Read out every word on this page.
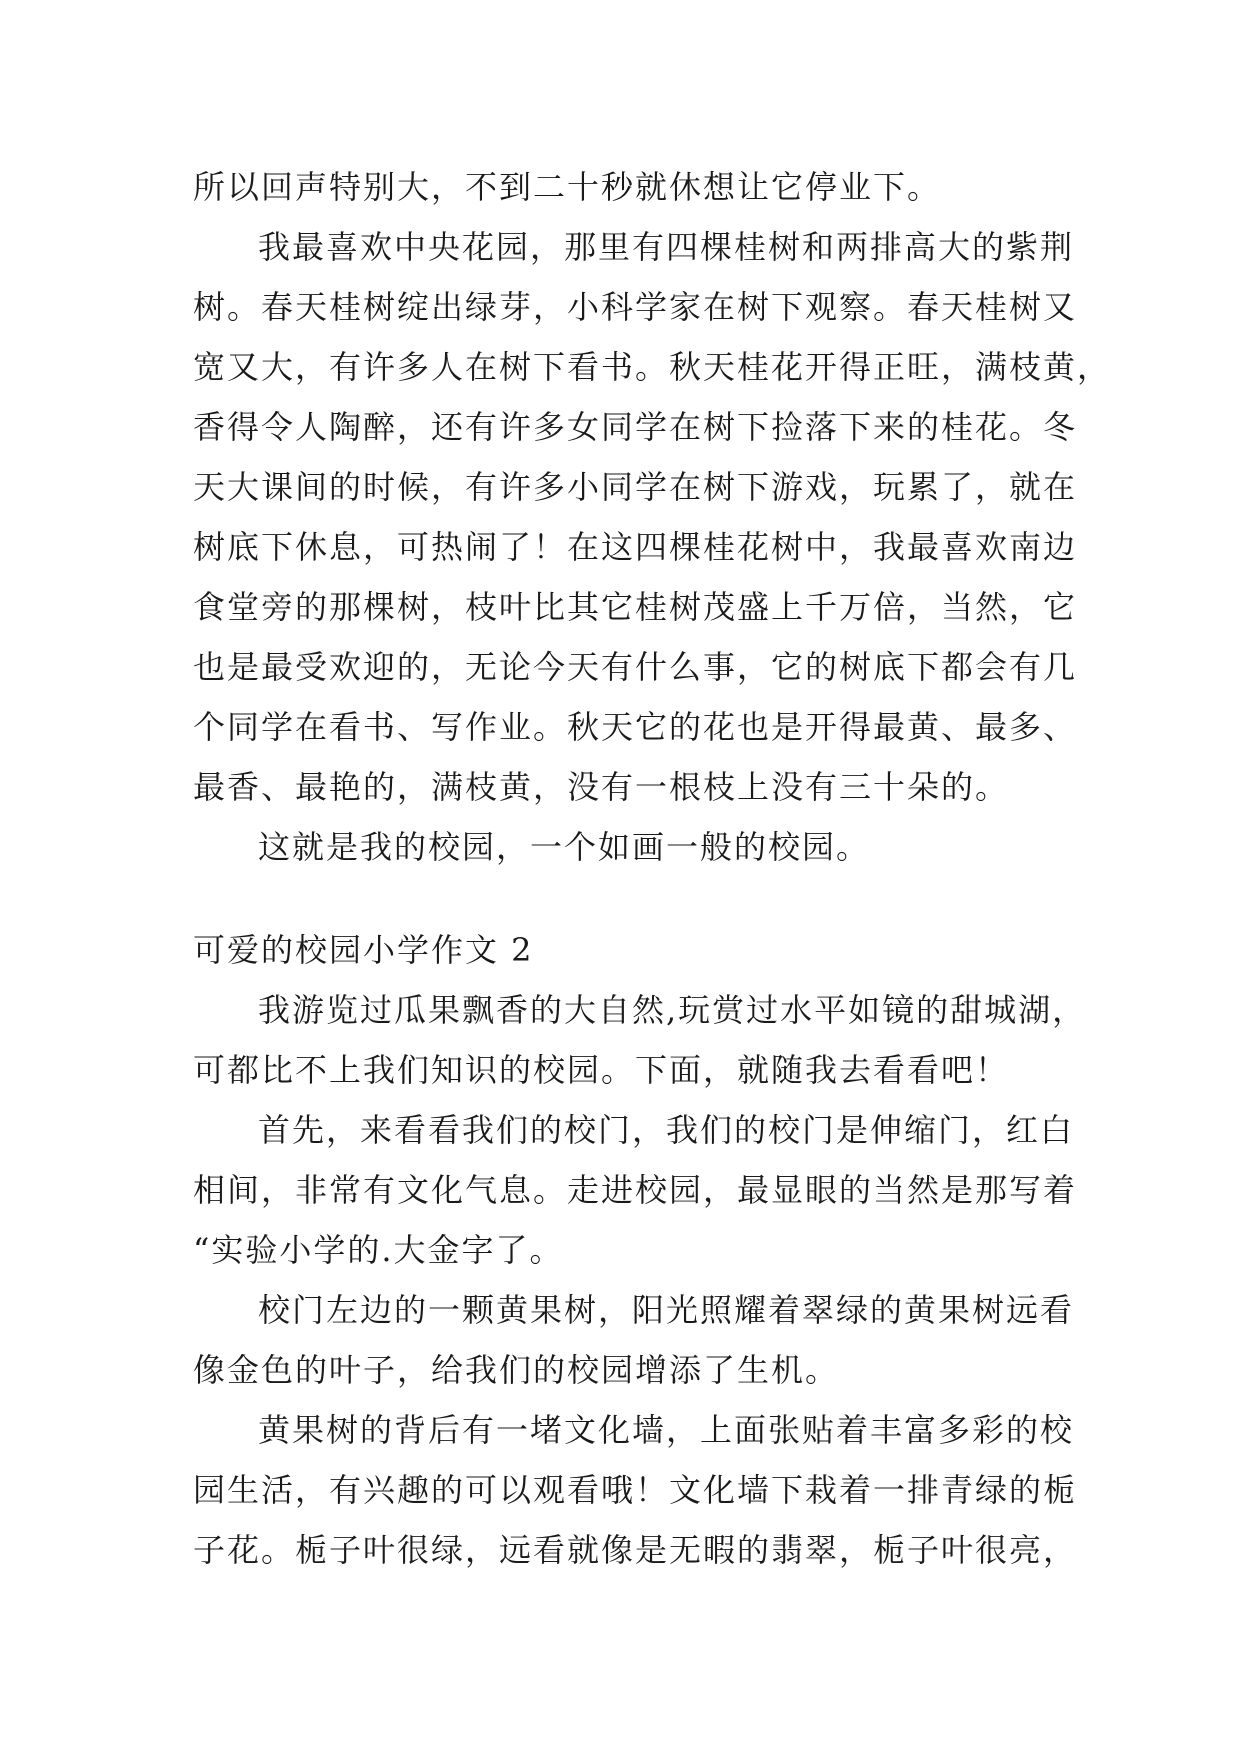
所以回声特别大，不到二十秒就休想让它停业下。
我最喜欢中央花园，那里有四棵桂树和两排高大的紫荆
树。春天桂树绽出绿芽，小科学家在树下观察。春天桂树又
宽又大，有许多人在树下看书。秋天桂花开得正旺，满枝黄，
香得令人陶醉，还有许多女同学在树下捡落下来的桂花。冬
天大课间的时候，有许多小同学在树下游戏，玩累了，就在
树底下休息，可热闹了！在这四棵桂花树中，我最喜欢南边
食堂旁的那棵树，枝叶比其它桂树茂盛上千万倍，当然，它
也是最受欢迎的，无论今天有什么事，它的树底下都会有几
个同学在看书、写作业。秋天它的花也是开得最黄、最多、
最香、最艳的，满枝黄，没有一根枝上没有三十朵的。
这就是我的校园，一个如画一般的校园。
可爱的校园小学作文 2
我游览过瓜果飘香的大自然,玩赏过水平如镜的甜城湖，
可都比不上我们知识的校园。下面，就随我去看看吧！
首先，来看看我们的校门，我们的校门是伸缩门，红白
相间，非常有文化气息。走进校园，最显眼的当然是那写着
“实验小学的.大金字了。
校门左边的一颗黄果树，阳光照耀着翠绿的黄果树远看
像金色的叶子，给我们的校园增添了生机。
黄果树的背后有一堵文化墙，上面张贴着丰富多彩的校
园生活，有兴趣的可以观看哦！文化墙下栽着一排青绿的栀
子花。栀子叶很绿，远看就像是无暇的翡翠，栀子叶很亮，
